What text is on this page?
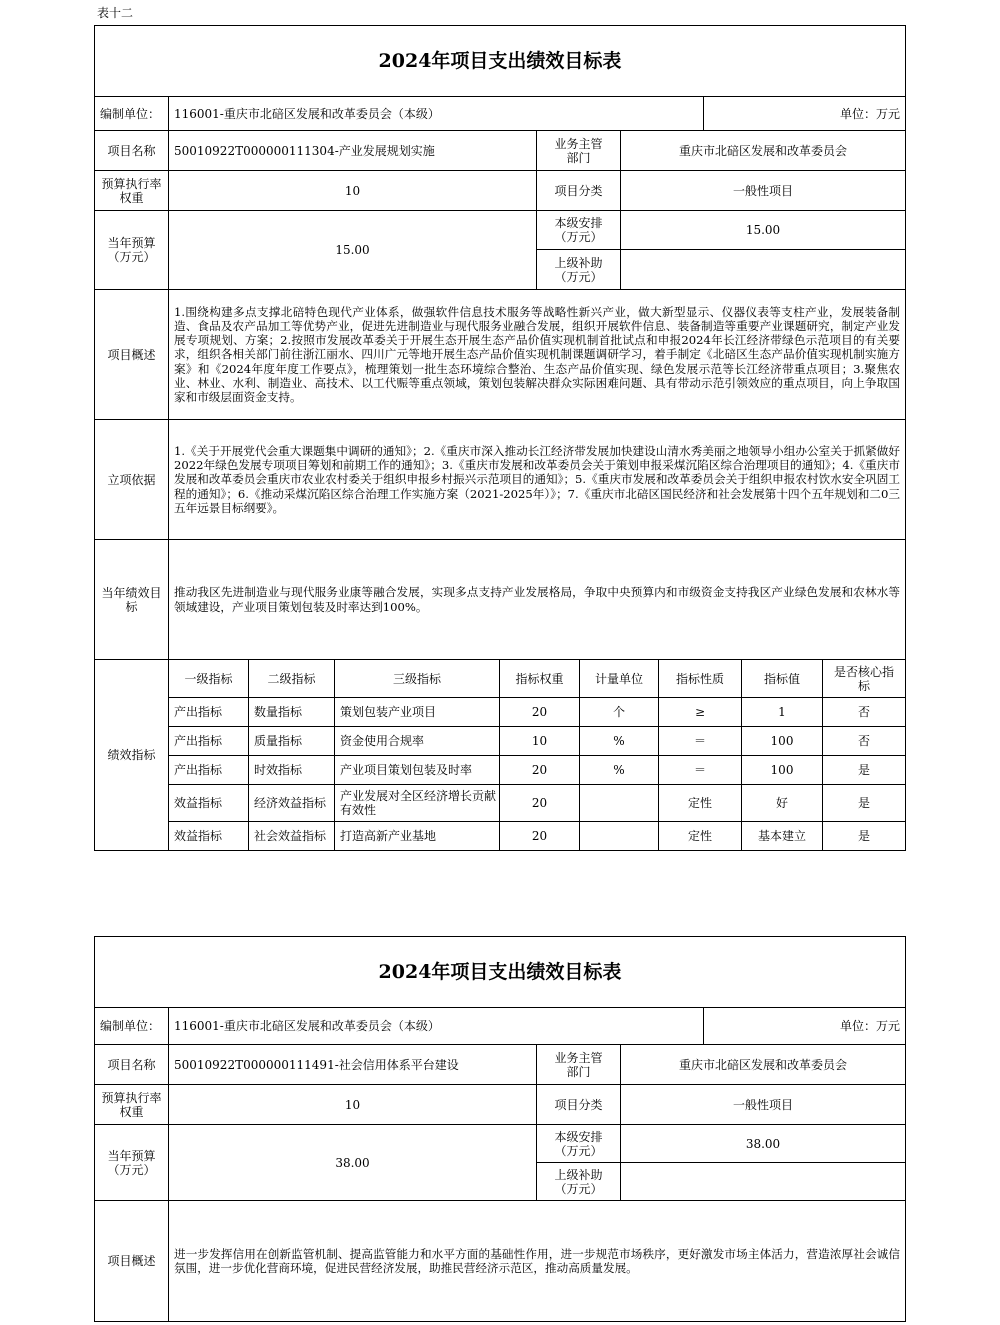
表十二
2024年项目支出绩效目标表
编制单位：	116001-重庆市北碚区发展和改革委员会（本级）	单位：万元
项目名称	50010922T000000111304-产业发展规划实施	业务主管部门	重庆市北碚区发展和改革委员会
预算执行率权重	10	项目分类	一般性项目
当年预算（万元）	15.00
本级安排（万元）	15.00
上级补助（万元）
项目概述
1.围绕构建多点支撑北碚特色现代产业体系，做强软件信息技术服务等战略性新兴产业，做大新型显示、仪器仪表等支柱产业，发展装备制造、食品及农产品加工等优势产业，促进先进制造业与现代服务业融合发展，组织开展软件信息、装备制造等重要产业课题研究，制定产业发展专项规划、方案；2.按照市发展改革委关于开展生态开展生态产品价值实现机制首批试点和申报2024年长江经济带绿色示范项目的有关要求，组织各相关部门前往浙江丽水、四川广元等地开展生态产品价值实现机制课题调研学习，着手制定《北碚区生态产品价值实现机制实施方案》和《2024年度年度工作要点》，梳理策划一批生态环境综合整治、生态产品价值实现、绿色发展示范等长江经济带重点项目；3.聚焦农业、林业、水利、制造业、高技术、以工代赈等重点领域，策划包装解决群众实际困难问题、具有带动示范引领效应的重点项目，向上争取国家和市级层面资金支持。
立项依据
1.《关于开展党代会重大课题集中调研的通知》；2.《重庆市深入推动长江经济带发展加快建设山清水秀美丽之地领导小组办公室关于抓紧做好2022年绿色发展专项项目筹划和前期工作的通知》；3.《重庆市发展和改革委员会关于策划申报采煤沉陷区综合治理项目的通知》；4.《重庆市发展和改革委员会重庆市农业农村委关于组织申报乡村振兴示范项目的通知》；5.《重庆市发展和改革委员会关于组织申报农村饮水安全巩固工程的通知》；6.《推动采煤沉陷区综合治理工作实施方案（2021-2025年）》；7.《重庆市北碚区国民经济和社会发展第十四个五年规划和二0三五年远景目标纲要》。
当年绩效目标
推动我区先进制造业与现代服务业康等融合发展，实现多点支持产业发展格局，争取中央预算内和市级资金支持我区产业绿色发展和农林水等领域建设，产业项目策划包装及时率达到100%。
绩效指标
一级指标	二级指标	三级指标	指标权重	计量单位	指标性质	指标值	是否核心指标
产出指标	数量指标	策划包装产业项目	20	个	≥	1	否
产出指标	质量指标	资金使用合规率	10	%	＝	100	否
产出指标	时效指标	产业项目策划包装及时率	20	%	＝	100	是
效益指标	经济效益指标	产业发展对全区经济增长贡献有效性	20	定性	好	是
效益指标	社会效益指标	打造高新产业基地	20	定性	基本建立	是
2024年项目支出绩效目标表
编制单位：	116001-重庆市北碚区发展和改革委员会（本级）	单位：万元
项目名称	50010922T000000111491-社会信用体系平台建设	业务主管部门	重庆市北碚区发展和改革委员会
预算执行率权重	10	项目分类	一般性项目
当年预算（万元）	38.00
本级安排（万元）	38.00
上级补助（万元）
项目概述
进一步发挥信用在创新监管机制、提高监管能力和水平方面的基础性作用，进一步规范市场秩序，更好激发市场主体活力，营造浓厚社会诚信氛围，进一步优化营商环境，促进民营经济发展，助推民营经济示范区，推动高质量发展。
